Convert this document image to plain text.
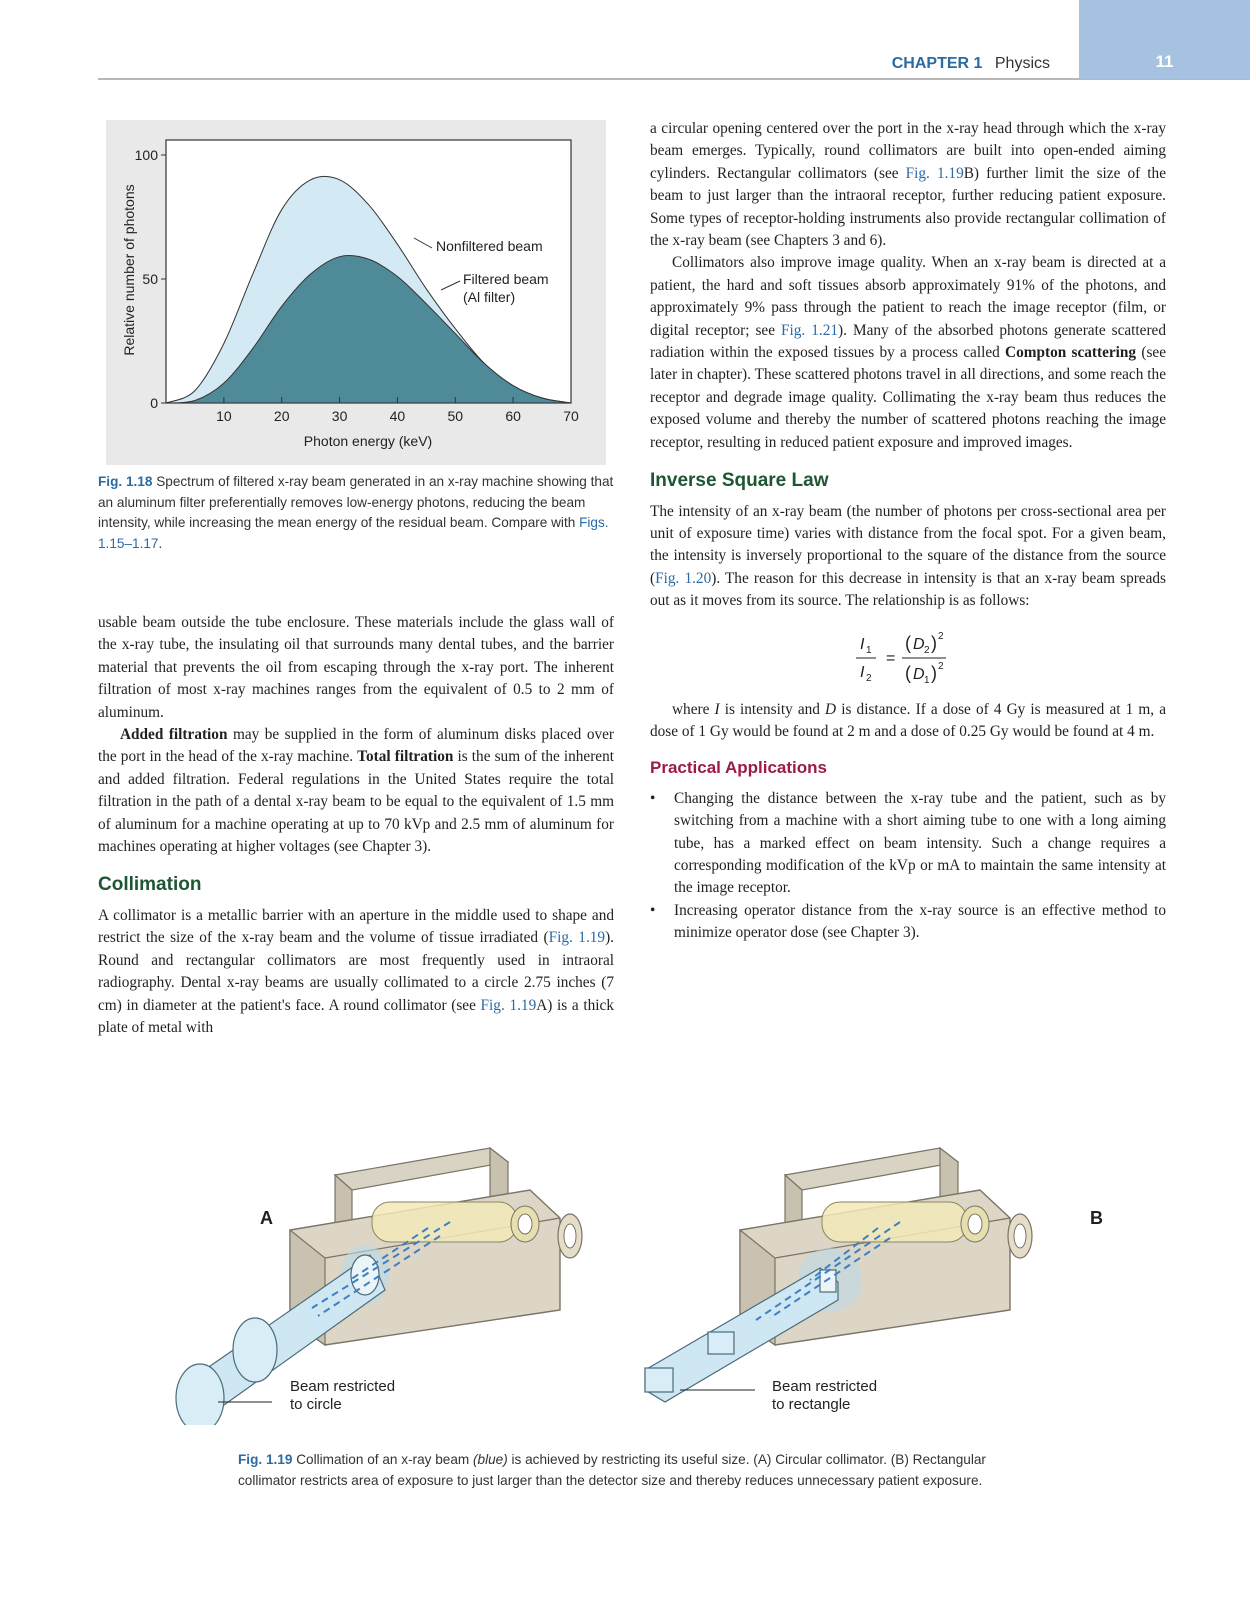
11
CHAPTER 1 Physics
10	20	30	40	50	60	70
0
50
100
Photon energy (keV)
Relative number of photons	Nonfiltered beam
Filtered beam
(Al filter)
Fig. 1.18 Spectrum of filtered x-ray beam generated in an x-ray machine showing that an aluminum filter preferentially removes low-energy photons, reducing the beam intensity, while increasing the mean energy of the residual beam. Compare with Figs. 1.15–1.17.

usable beam outside the tube enclosure. These materials include the glass wall of the x-ray tube, the insulating oil that surrounds many dental tubes, and the barrier material that prevents the oil from escaping through the x-ray port. The inherent filtration of most x-ray machines ranges from the equivalent of 0.5 to 2 mm of aluminum.

Added filtration may be supplied in the form of aluminum disks placed over the port in the head of the x-ray machine. Total filtration is the sum of the inherent and added filtration. Federal regulations in the United States require the total filtration in the path of a dental x-ray beam to be equal to the equivalent of 1.5 mm of aluminum for a machine operating at up to 70 kVp and 2.5 mm of aluminum for machines operating at higher voltages (see Chapter 3).

Collimation

A collimator is a metallic barrier with an aperture in the middle used to shape and restrict the size of the x-ray beam and the volume of tissue irradiated (Fig. 1.19). Round and rectangular collimators are most frequently used in intraoral radiography. Dental x-ray beams are usually collimated to a circle 2.75 inches (7 cm) in diameter at the patient's face. A round collimator (see Fig. 1.19A) is a thick plate of metal with

a circular opening centered over the port in the x-ray head through which the x-ray beam emerges. Typically, round collimators are built into open-ended aiming cylinders. Rectangular collimators (see Fig. 1.19B) further limit the size of the beam to just larger than the intraoral receptor, further reducing patient exposure. Some types of receptor-holding instruments also provide rectangular collimation of the x-ray beam (see Chapters 3 and 6).

Collimators also improve image quality. When an x-ray beam is directed at a patient, the hard and soft tissues absorb approximately 91% of the photons, and approximately 9% pass through the patient to reach the image receptor (film, or digital receptor; see Fig. 1.21). Many of the absorbed photons generate scattered radiation within the exposed tissues by a process called Compton scattering (see later in chapter). These scattered photons travel in all directions, and some reach the receptor and degrade image quality. Collimating the x-ray beam thus reduces the exposed volume and thereby the number of scattered photons reaching the image receptor, resulting in reduced patient exposure and improved images.

Inverse Square Law

The intensity of an x-ray beam (the number of photons per cross-sectional area per unit of exposure time) varies with distance from the focal spot. For a given beam, the intensity is inversely proportional to the square of the distance from the source (Fig. 1.20). The reason for this decrease in intensity is that an x-ray beam spreads out as it moves from its source. The relationship is as follows:

I 1
I 2
=
( D 2 ) 2
( D 1 ) 2

where I is intensity and D is distance. If a dose of 4 Gy is measured at 1 m, a dose of 1 Gy would be found at 2 m and a dose of 0.25 Gy would be found at 4 m.

Practical Applications
• Changing the distance between the x-ray tube and the patient, such as by switching from a machine with a short aiming tube to one with a long aiming tube, has a marked effect on beam intensity. Such a change requires a corresponding modification of the kVp or mA to maintain the same intensity at the image receptor.
• Increasing operator distance from the x-ray source is an effective method to minimize operator dose (see Chapter 3).
A	B
Beam restricted
to circle
Beam restricted
to rectangle
Fig. 1.19 Collimation of an x-ray beam (blue) is achieved by restricting its useful size. (A) Circular collimator. (B) Rectangular collimator restricts area of exposure to just larger than the detector size and thereby reduces unnecessary patient exposure.
